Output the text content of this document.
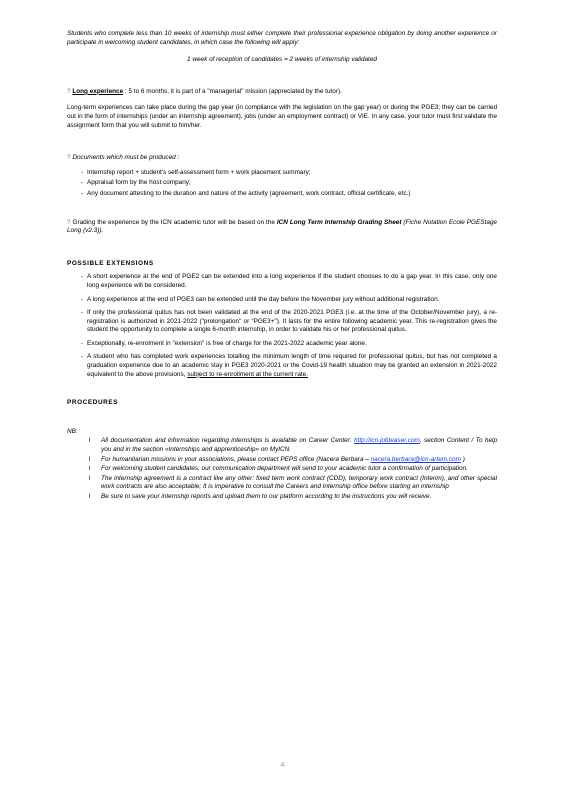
Students who complete less than 10 weeks of internship must either complete their professional experience obligation by doing another experience or participate in welcoming student candidates, in which case the following will apply:

1 week of reception of candidates = 2 weeks of internship validated

? Long experience : 5 to 6 months, it is part of a "managerial" mission (appreciated by the tutor).

Long-term experiences can take place during the gap year (in compliance with the legislation on the gap year) or during the PGE3; they can be carried out in the form of internships (under an internship agreement), jobs (under an employment contract) or VIE. In any case, your tutor must first validate the assignment form that you will submit to him/her.

? Documents which must be produced :

- Internship report + student's self-assessment form + work placement summary;
- Appraisal form by the host company;
- Any document attesting to the duration and nature of the activity (agreement, work contract, official certificate, etc.)

? Grading the experience by the ICN academic tutor will be based on the ICN Long Term Internship Grading Sheet (Fiche Notation Ecole PGEStage Long (v2.3)).

POSSIBLE EXTENSIONS

- A short experience at the end of PGE2 can be extended into a long experience if the student chooses to do a gap year. In this case, only one long experience will be considered.
- A long experience at the end of PGE3 can be extended until the day before the November jury without additional registration.
- If only the professional quitus has not been validated at the end of the 2020-2021 PGE3 (i.e. at the time of the October/November jury), a re-registration is authorized in 2021-2022 ("prolongation" or "PGE3+"). It lasts for the entire following academic year. This re-registration gives the student the opportunity to complete a single 6-month internship, in order to validate his or her professional quitus.
- Exceptionally, re-enrolment in "extension" is free of charge for the 2021-2022 academic year alone.
- A student who has completed work experiences totalling the minimum length of time required for professional quitus, but has not completed a graduation experience due to an academic stay in PGE3 2020-2021 or the Covid-19 health situation may be granted an extension in 2021-2022 equivalent to the above provisions, subject to re-enrollment at the current rate.

PROCEDURES

NB:

l	All documentation and information regarding internships is available on Career Center: http://icn.jobteaser.com, section Content / To help you and in the section «Internships and apprenticeship» on MyICN.
l	For humanitarian missions in your associations, please contact PEPS office (Nacera Berbara – nacera.berbara@icn-artem.com )
l	For welcoming student candidates, our communication department will send to your academic tutor a confirmation of participation.
l	The internship agreement is a contract like any other: fixed term work contract (CDD), temporary work contract (Interim), and other special work contracts are also acceptable; It is imperative to consult the Careers and Internship office before starting an internship
l	Be sure to save your internship reports and upload them to our platform according to the instructions you will receive.
4
